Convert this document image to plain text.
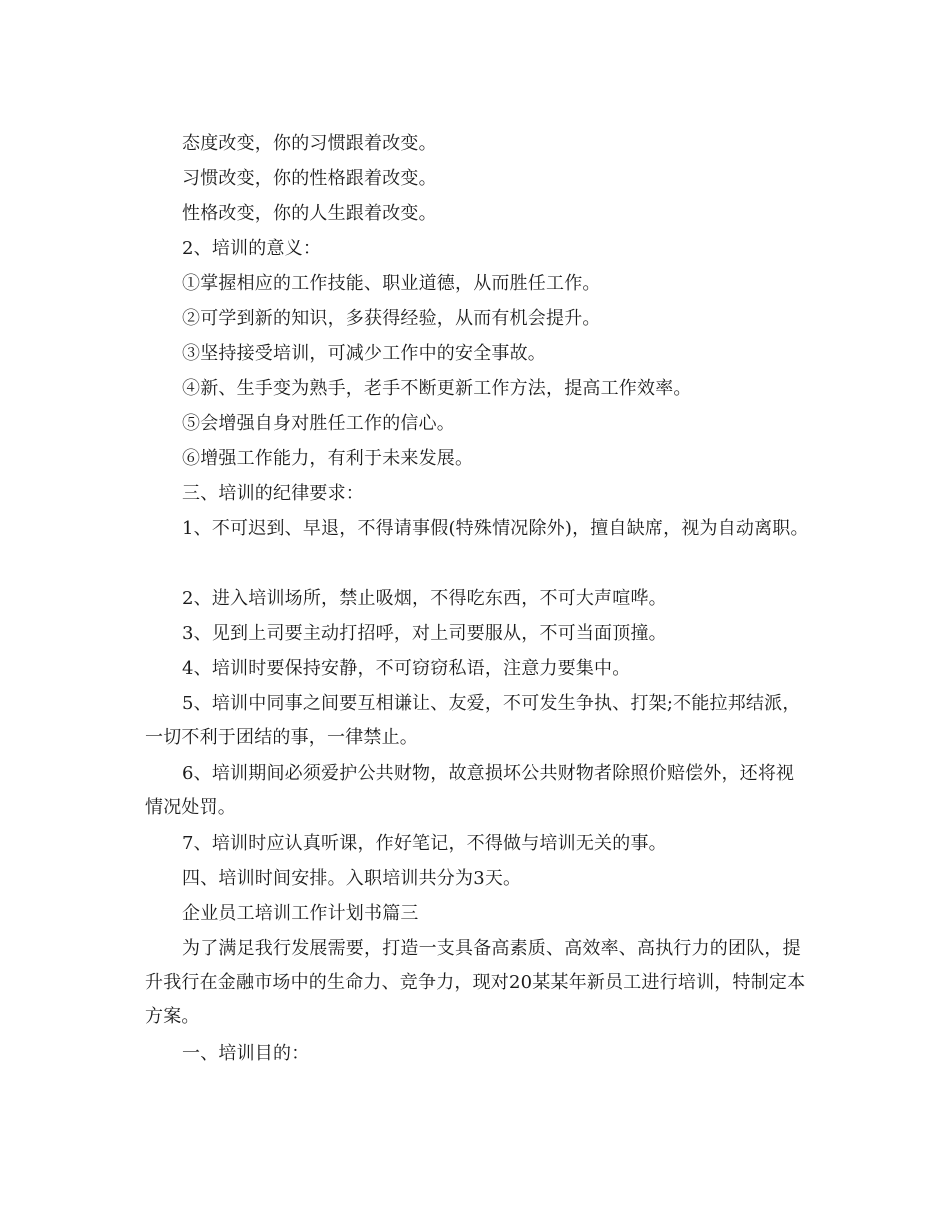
态度改变，你的习惯跟着改变。
习惯改变，你的性格跟着改变。
性格改变，你的人生跟着改变。
2、培训的意义：
①掌握相应的工作技能、职业道德，从而胜任工作。
②可学到新的知识，多获得经验，从而有机会提升。
③坚持接受培训，可减少工作中的安全事故。
④新、生手变为熟手，老手不断更新工作方法，提高工作效率。
⑤会增强自身对胜任工作的信心。
⑥增强工作能力，有利于未来发展。
三、培训的纪律要求：
1、不可迟到、早退，不得请事假(特殊情况除外)，擅自缺席，视为自动离职。
2、进入培训场所，禁止吸烟，不得吃东西，不可大声喧哗。
3、见到上司要主动打招呼，对上司要服从，不可当面顶撞。
4、培训时要保持安静，不可窃窃私语，注意力要集中。
5、培训中同事之间要互相谦让、友爱，不可发生争执、打架;不能拉邦结派，一切不利于团结的事，一律禁止。
6、培训期间必须爱护公共财物，故意损坏公共财物者除照价赔偿外，还将视情况处罚。
7、培训时应认真听课，作好笔记，不得做与培训无关的事。
四、培训时间安排。入职培训共分为3天。
企业员工培训工作计划书篇三
为了满足我行发展需要，打造一支具备高素质、高效率、高执行力的团队，提升我行在金融市场中的生命力、竞争力，现对20某某年新员工进行培训，特制定本方案。
一、培训目的：
